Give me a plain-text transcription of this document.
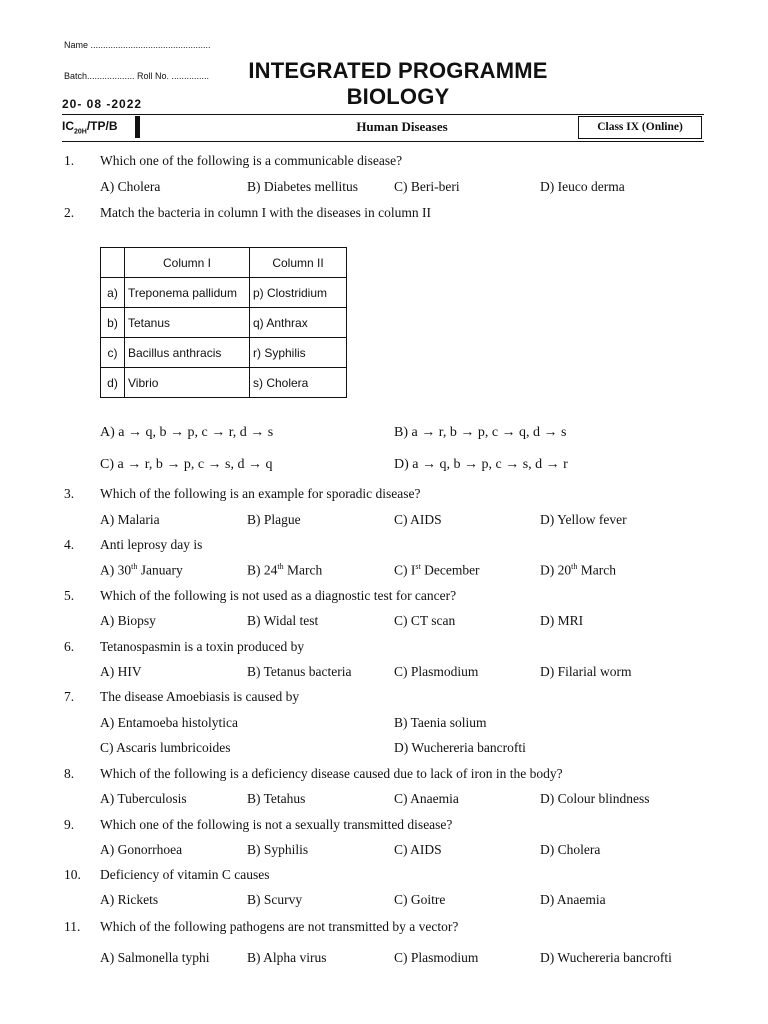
Name ................................................
Batch................... Roll No. ...............
20- 08 -2022
INTEGRATED PROGRAMME
BIOLOGY
$IC_{20H}/TP/B$	Human Diseases	Class IX (Online)
1. Which one of the following is a communicable disease?
A) Cholera	B) Diabetes mellitus	C) Beri-beri	D) Ieuco derma
2. Match the bacteria in column I with the diseases in column II
	Column I	Column II
a)	Treponema pallidum	p) Clostridium
b)	Tetanus	q) Anthrax
c)	Bacillus anthracis	r) Syphilis
d)	Vibrio	s) Cholera
A) a → q, b → p, c → r, d → s	B) a → r, b → p, c → q, d → s
C) a → r, b → p, c → s, d → q	D) a → q, b → p, c → s, d → r
3. Which of the following is an example for sporadic disease?
A) Malaria	B) Plague	C) AIDS	D) Yellow fever
4. Anti leprosy day is
A) 30th January	B) 24th March	C) Ist December	D) 20th March
5. Which of the following is not used as a diagnostic test for cancer?
A) Biopsy	B) Widal test	C) CT scan	D) MRI
6. Tetanospasmin is a toxin produced by
A) HIV	B) Tetanus bacteria	C) Plasmodium	D) Filarial worm
7. The disease Amoebiasis is caused by
A) Entamoeba histolytica	B) Taenia solium
C) Ascaris lumbricoides	D) Wuchereria bancrofti
8. Which of the following is a deficiency disease caused due to lack of iron in the body?
A) Tuberculosis	B) Tetahus	C) Anaemia	D) Colour blindness
9. Which one of the following is not a sexually transmitted disease?
A) Gonorrhoea	B) Syphilis	C) AIDS	D) Cholera
10. Deficiency of vitamin C causes
A) Rickets	B) Scurvy	C) Goitre	D) Anaemia
11. Which of the following pathogens are not transmitted by a vector?
A) Salmonella typhi	B) Alpha virus	C) Plasmodium	D) Wuchereria bancrofti
